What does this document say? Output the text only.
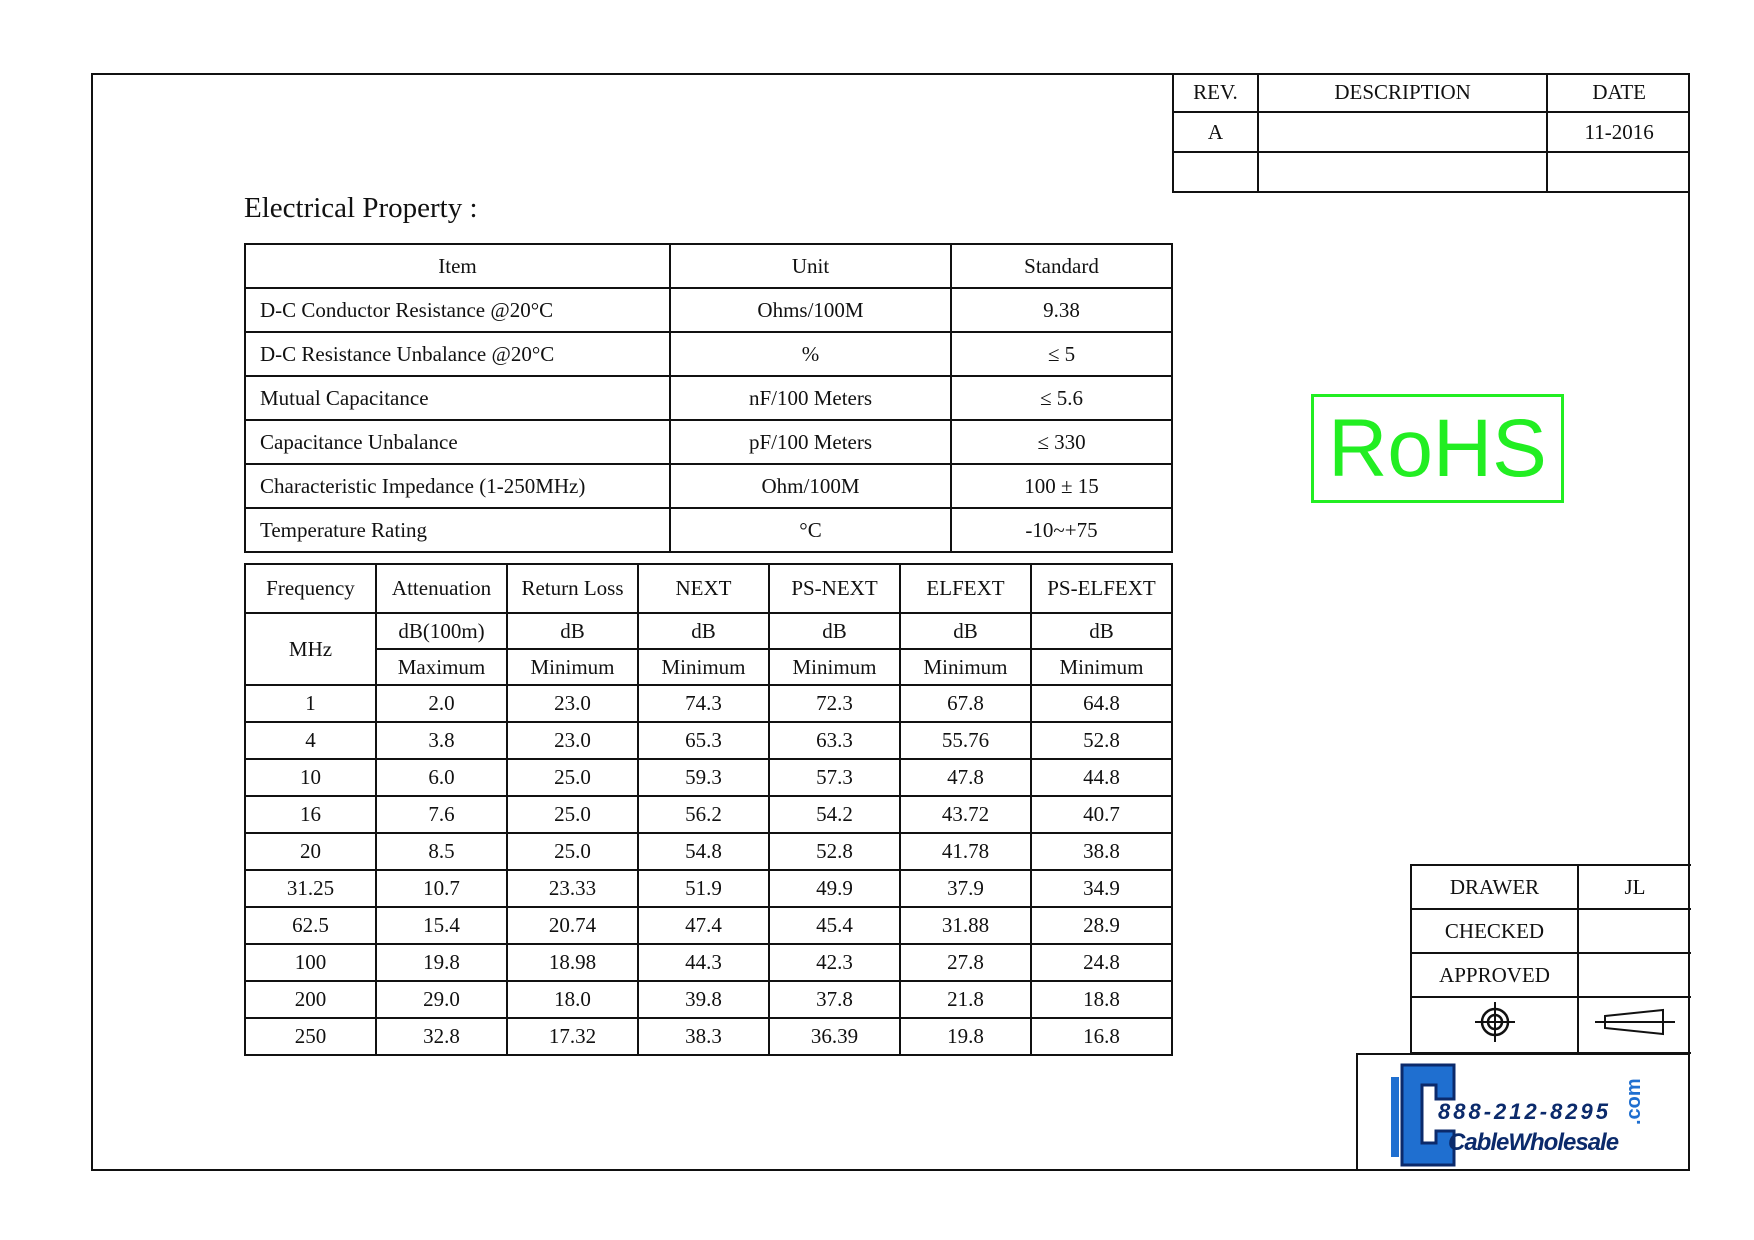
REV.	DESCRIPTION	DATE
A		11-2016

Electrical Property :
Item	Unit	Standard
D-C Conductor Resistance @20°C	Ohms/100M	9.38
D-C Resistance Unbalance @20°C	%	≤ 5
Mutual Capacitance	nF/100 Meters	≤ 5.6
Capacitance Unbalance	pF/100 Meters	≤ 330
Characteristic Impedance (1-250MHz)	Ohm/100M	100 ± 15
Temperature Rating	°C	-10~+75
Frequency	Attenuation	Return Loss	NEXT	PS-NEXT	ELFEXT	PS-ELFEXT
MHz	dB(100m)	dB	dB	dB	dB	dB
	Maximum	Minimum	Minimum	Minimum	Minimum	Minimum
1	2.0	23.0	74.3	72.3	67.8	64.8
4	3.8	23.0	65.3	63.3	55.76	52.8
10	6.0	25.0	59.3	57.3	47.8	44.8
16	7.6	25.0	56.2	54.2	43.72	40.7
20	8.5	25.0	54.8	52.8	41.78	38.8
31.25	10.7	23.33	51.9	49.9	37.9	34.9
62.5	15.4	20.74	47.4	45.4	31.88	28.9
100	19.8	18.98	44.3	42.3	27.8	24.8
200	29.0	18.0	39.8	37.8	21.8	18.8
250	32.8	17.32	38.3	36.39	19.8	16.8
RoHS
DRAWER	JL
CHECKED	
APPROVED	

888-212-8295
CableWholesale
.com
